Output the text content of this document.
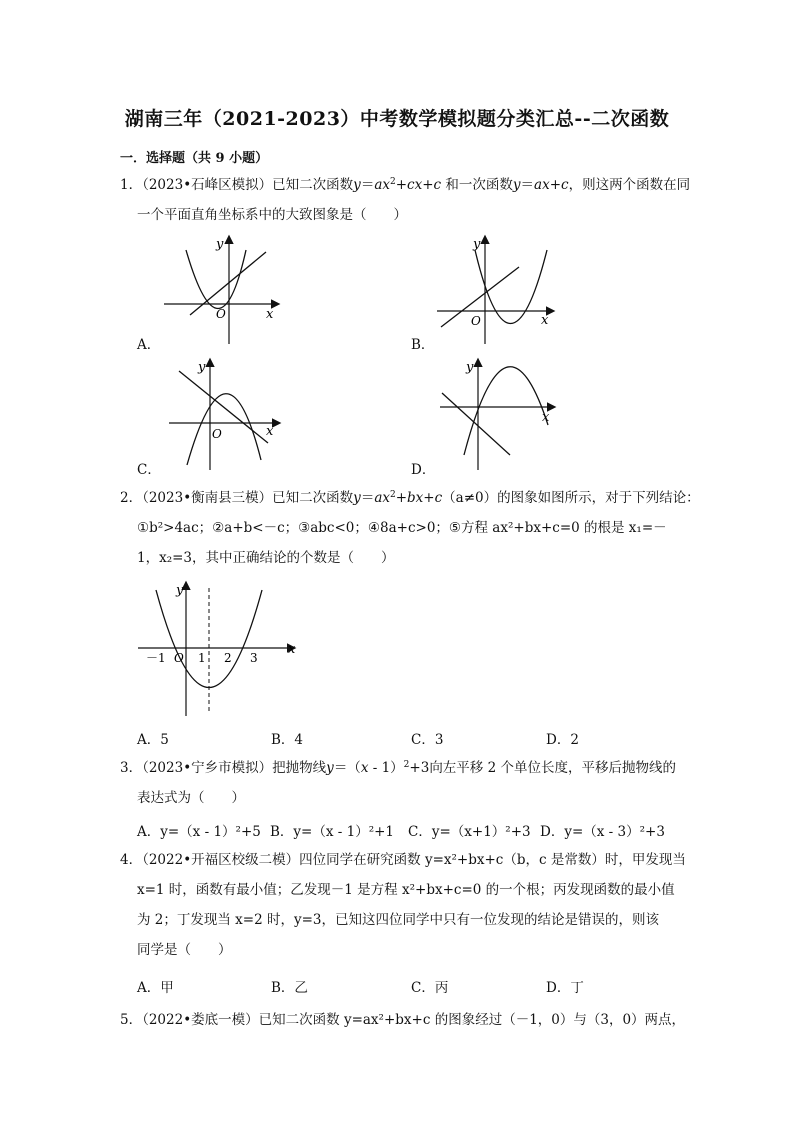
湖南三年（2021-2023）中考数学模拟题分类汇总--二次函数
一．选择题（共 9 小题）
1．（2023•石峰区模拟）已知二次函数$y=ax^2+cx+c$ 和一次函数y＝ax+c，则这两个函数在同
一个平面直角坐标系中的大致图象是（　　）
y
O	x
A．
y
O	x
B．
y
O	x
C．
y
x
D．
2．（2023•衡南县三模）已知二次函数$y=ax^2+bx+c(a\ne 0)$的图象如图所示，对于下列结论：
①b²>4ac；②a+b<－c；③abc<0；④8a+c>0；⑤方程 ax²+bx+c=0 的根是 x₁=－
1，x₂=3，其中正确结论的个数是（　　）
y
x
－1 O 1 2 3
A．5	B．4	C．3	D．2
3．（2023•宁乡市模拟）把抛物线y＝（x - 1）$^2$+3向左平移 2 个单位长度，平移后抛物线的
表达式为（　　）
A．y=（x - 1）²+5 B．y=（x - 1）²+1 C．y=（x+1）²+3 D．y=（x - 3）²+3
4．（2022•开福区校级二模）四位同学在研究函数 y=x²+bx+c（b，c 是常数）时，甲发现当
x=1 时，函数有最小值；乙发现－1 是方程 x²+bx+c=0 的一个根；丙发现函数的最小值
为 2；丁发现当 x=2 时，y=3，已知这四位同学中只有一位发现的结论是错误的，则该
同学是（　　）
A．甲	B．乙	C．丙	D．丁
5．（2022•娄底一模）已知二次函数 y=ax²+bx+c 的图象经过（－1，0）与（3，0）两点，
